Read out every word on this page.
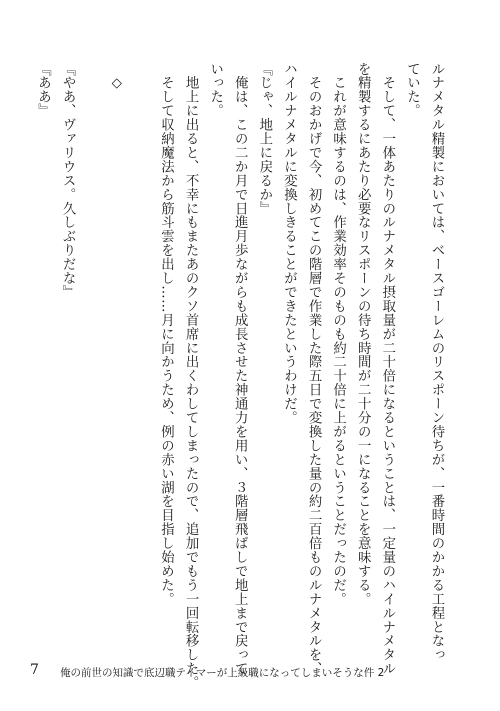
ルナメタル精製においては、ベースゴーレムのリスポーン待ちが、一番時間のかかる工程となっ
ていた。
　そして、一体あたりのルナメタル摂取量が二十倍になるということは、一定量のハイルナメタル
を精製するにあたり必要なリスポーンの待ち時間が二十分の一になることを意味する。
　これが意味するのは、作業効率そのものも約二十倍に上がるということだったのだ。
　そのおかげで今、初めてこの階層で作業した際五日で変換した量の約二百倍ものルナメタルを、
ハイルナメタルに変換しきることができたというわけだ。
『じゃ、地上に戻るか』
　俺は、この二か月で日進月歩ながらも成長させた神通力を用い、３階層飛ばしで地上まで戻って
いった。
　地上に出ると、不幸にもまたあのクソ首席に出くわしてしまったので、追加でもう一回転移した。
　そして収納魔法から筋斗雲を出し……月に向かうため、例の赤い湖を目指し始めた。
　◇
『やあ、ヴァリウス。久しぶりだな』
『ああ』
7 俺の前世の知識で底辺職テイマーが上級職になってしまいそうな件 2
